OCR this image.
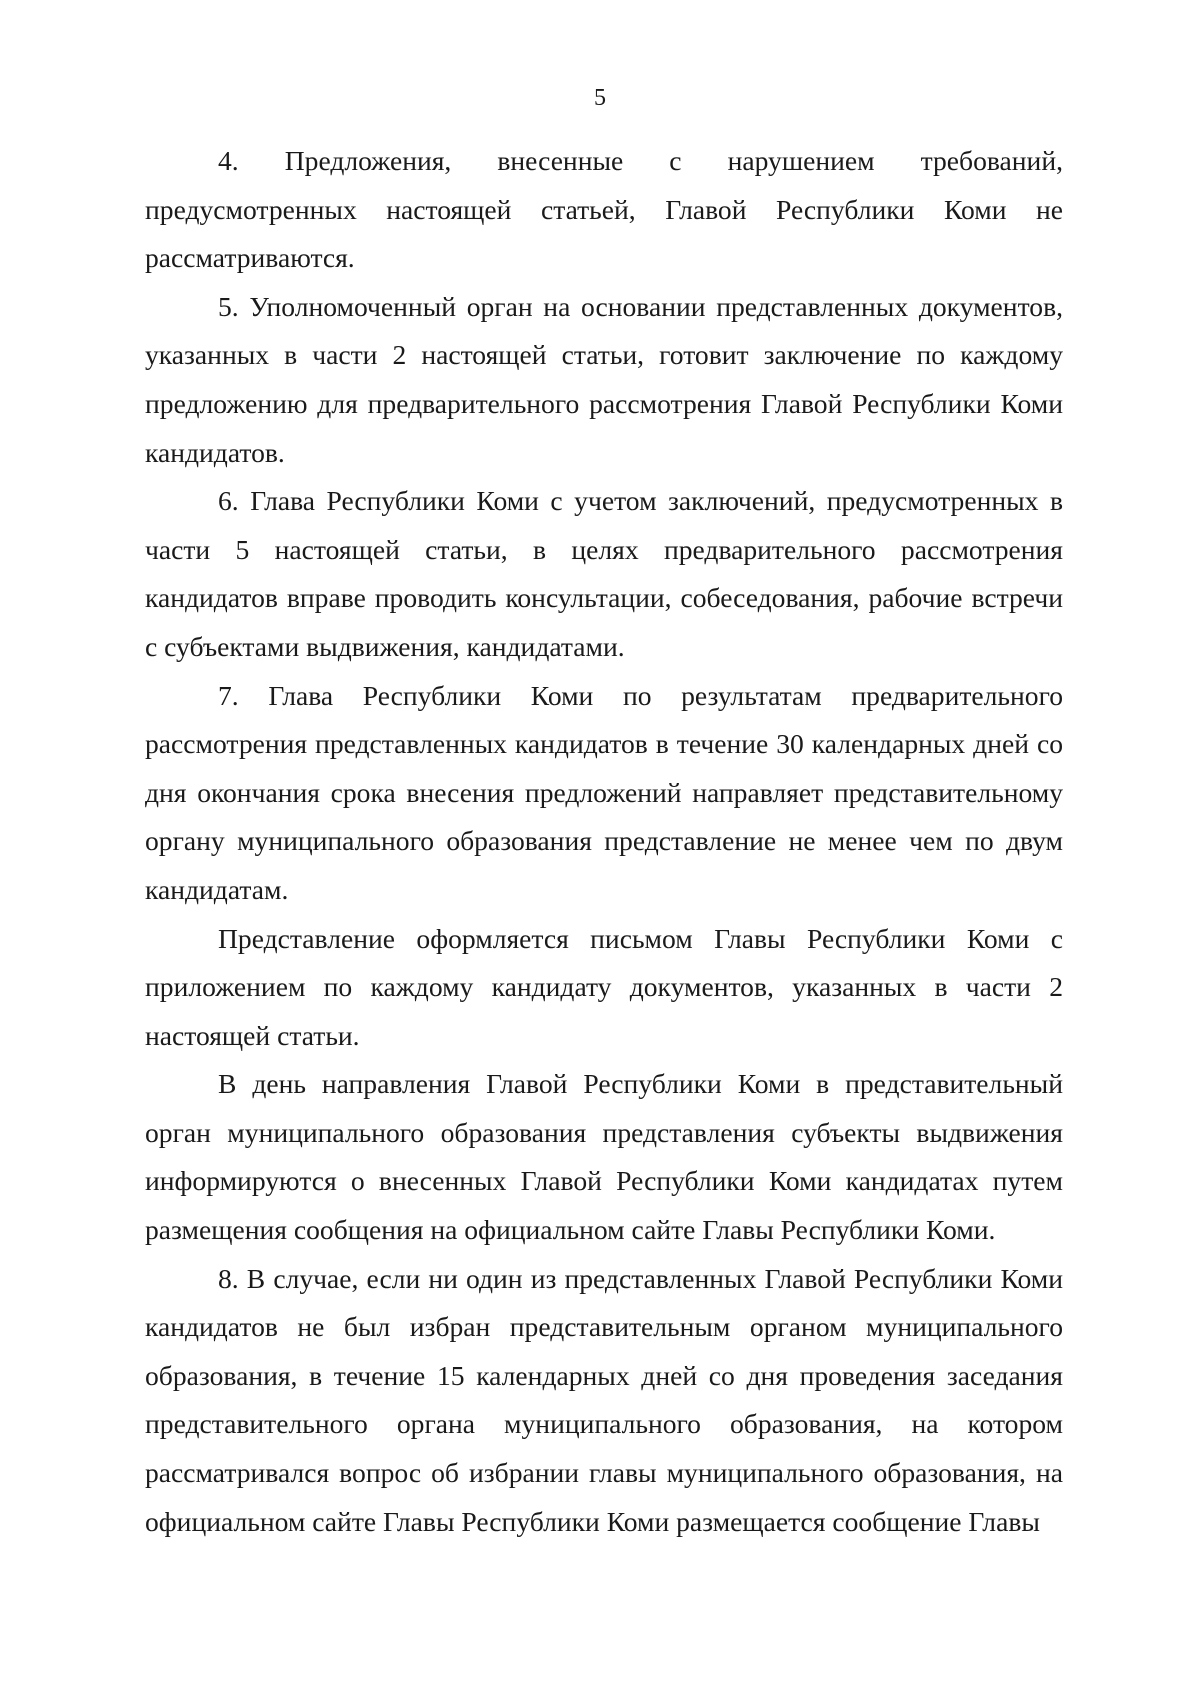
5

4. Предложения, внесенные с нарушением требований, предусмотренных настоящей статьей, Главой Республики Коми не рассматриваются.

5. Уполномоченный орган на основании представленных документов, указанных в части 2 настоящей статьи, готовит заключение по каждому предложению для предварительного рассмотрения Главой Республики Коми кандидатов.

6. Глава Республики Коми с учетом заключений, предусмотренных в части 5 настоящей статьи, в целях предварительного рассмотрения кандидатов вправе проводить консультации, собеседования, рабочие встречи с субъектами выдвижения, кандидатами.

7. Глава Республики Коми по результатам предварительного рассмотрения представленных кандидатов в течение 30 календарных дней со дня окончания срока внесения предложений направляет представительному органу муниципального образования представление не менее чем по двум кандидатам.

Представление оформляется письмом Главы Республики Коми с приложением по каждому кандидату документов, указанных в части 2 настоящей статьи.

В день направления Главой Республики Коми в представительный орган муниципального образования представления субъекты выдвижения информируются о внесенных Главой Республики Коми кандидатах путем размещения сообщения на официальном сайте Главы Республики Коми.

8. В случае, если ни один из представленных Главой Республики Коми кандидатов не был избран представительным органом муниципального образования, в течение 15 календарных дней со дня проведения заседания представительного органа муниципального образования, на котором рассматривался вопрос об избрании главы муниципального образования, на официальном сайте Главы Республики Коми размещается сообщение Главы
